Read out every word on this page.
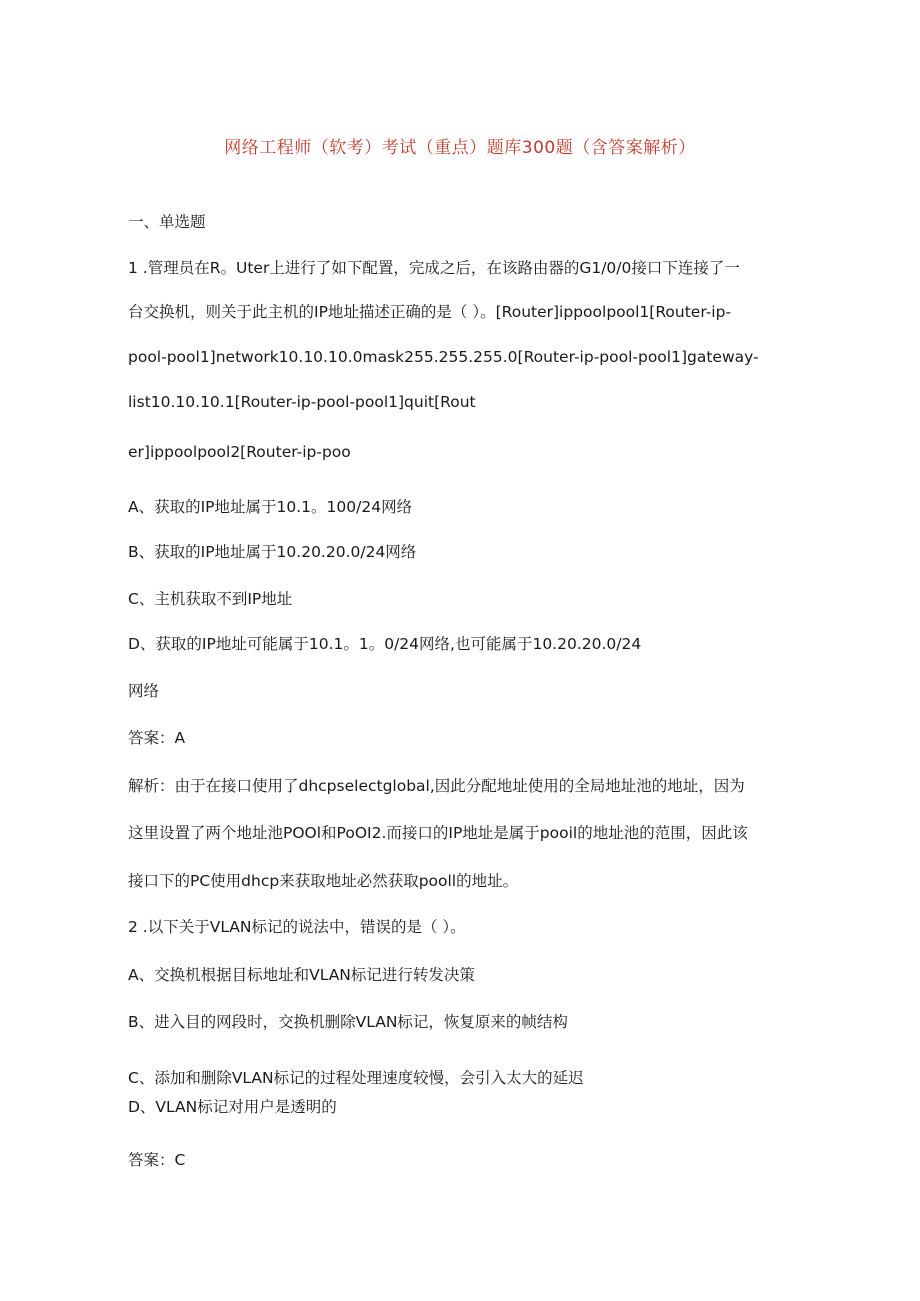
网络工程师（软考）考试（重点）题库300题（含答案解析）
一、单选题
1 .管理员在R。Uter上进行了如下配置，完成之后，在该路由器的G1/0/0接口下连接了一
台交换机，则关于此主机的IP地址描述正确的是（ ）。[Router]ippoolpool1[Router-ip-
pool-pool1]network10.10.10.0mask255.255.255.0[Router-ip-pool-pool1]gateway-
list10.10.10.1[Router-ip-pool-pool1]quit[Rout
er]ippoolpool2[Router-ip-poo
A、获取的IP地址属于10.1。100/24网络
B、获取的IP地址属于10.20.20.0/24网络
C、主机获取不到IP地址
D、获取的IP地址可能属于10.1。1。0/24网络,也可能属于10.20.20.0/24
网络
答案：A
解析：由于在接口使用了dhcpselectglobal,因此分配地址使用的全局地址池的地址，因为
这里设置了两个地址池POOl和PoOI2.而接口的IP地址是属于pooil的地址池的范围，因此该
接口下的PC使用dhcp来获取地址必然获取pooll的地址。
2 .以下关于VLAN标记的说法中，错误的是（ ）。
A、交换机根据目标地址和VLAN标记进行转发决策
B、进入目的网段时，交换机删除VLAN标记，恢复原来的帧结构
C、添加和删除VLAN标记的过程处理速度较慢，会引入太大的延迟
D、VLAN标记对用户是透明的
答案：C
